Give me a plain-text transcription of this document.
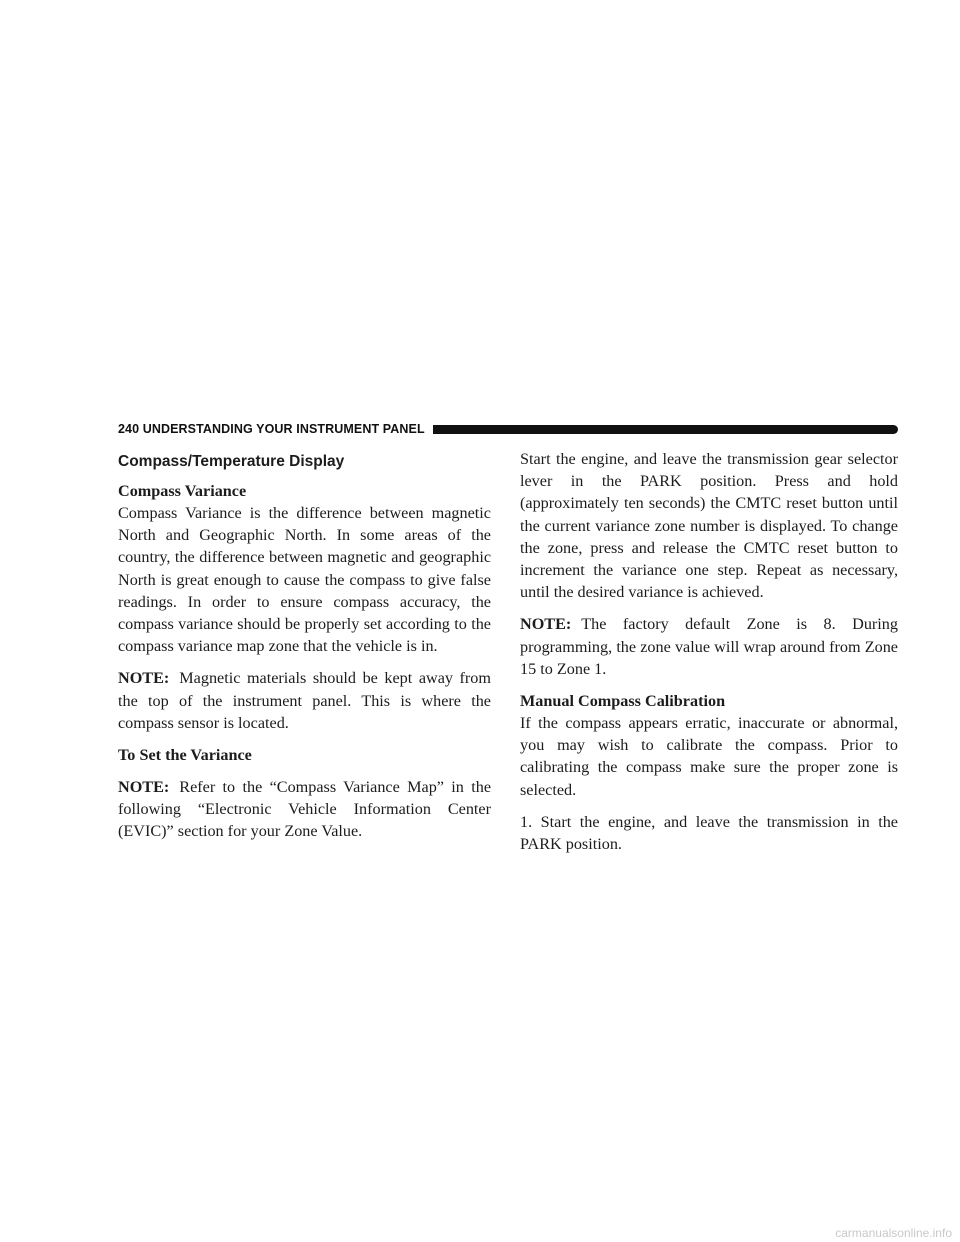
240 UNDERSTANDING YOUR INSTRUMENT PANEL
Compass/Temperature Display
Compass Variance

Compass Variance is the difference between magnetic North and Geographic North. In some areas of the country, the difference between magnetic and geographic North is great enough to cause the compass to give false readings. In order to ensure compass accuracy, the compass variance should be properly set according to the compass variance map zone that the vehicle is in.

NOTE: Magnetic materials should be kept away from the top of the instrument panel. This is where the compass sensor is located.

To Set the Variance

NOTE: Refer to the “Compass Variance Map” in the following “Electronic Vehicle Information Center (EVIC)” section for your Zone Value.

Start the engine, and leave the transmission gear selector lever in the PARK position. Press and hold (approximately ten seconds) the CMTC reset button until the current variance zone number is displayed. To change the zone, press and release the CMTC reset button to increment the variance one step. Repeat as necessary, until the desired variance is achieved.

NOTE: The factory default Zone is 8. During programming, the zone value will wrap around from Zone 15 to Zone 1.

Manual Compass Calibration

If the compass appears erratic, inaccurate or abnormal, you may wish to calibrate the compass. Prior to calibrating the compass make sure the proper zone is selected.

1. Start the engine, and leave the transmission in the PARK position.

carmanualsonline.info
